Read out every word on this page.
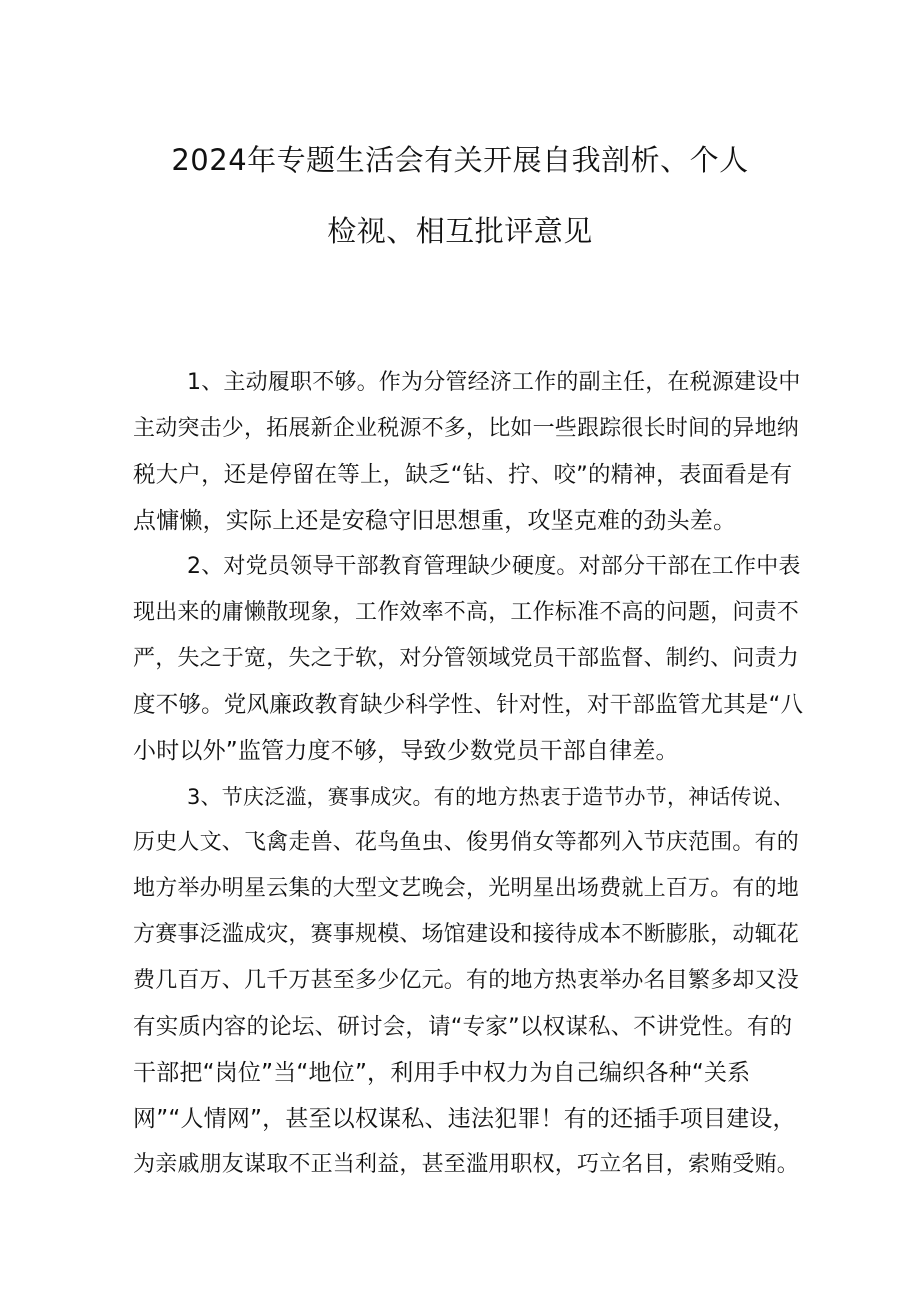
2024年专题生活会有关开展自我剖析、个人
检视、相互批评意见
1、主动履职不够。作为分管经济工作的副主任，在税源建设中
主动突击少，拓展新企业税源不多，比如一些跟踪很长时间的异地纳
税大户，还是停留在等上，缺乏“钻、拧、咬”的精神，表面看是有
点慵懒，实际上还是安稳守旧思想重，攻坚克难的劲头差。
2、对党员领导干部教育管理缺少硬度。对部分干部在工作中表
现出来的庸懒散现象，工作效率不高，工作标准不高的问题，问责不
严，失之于宽，失之于软，对分管领域党员干部监督、制约、问责力
度不够。党风廉政教育缺少科学性、针对性，对干部监管尤其是“八
小时以外”监管力度不够，导致少数党员干部自律差。
3、节庆泛滥，赛事成灾。有的地方热衷于造节办节，神话传说、
历史人文、飞禽走兽、花鸟鱼虫、俊男俏女等都列入节庆范围。有的
地方举办明星云集的大型文艺晚会，光明星出场费就上百万。有的地
方赛事泛滥成灾，赛事规模、场馆建设和接待成本不断膨胀，动辄花
费几百万、几千万甚至多少亿元。有的地方热衷举办名目繁多却又没
有实质内容的论坛、研讨会，请“专家”以权谋私、不讲党性。有的
干部把“岗位”当“地位”，利用手中权力为自己编织各种“关系
网”“人情网”，甚至以权谋私、违法犯罪！有的还插手项目建设，
为亲戚朋友谋取不正当利益，甚至滥用职权，巧立名目，索贿受贿。
